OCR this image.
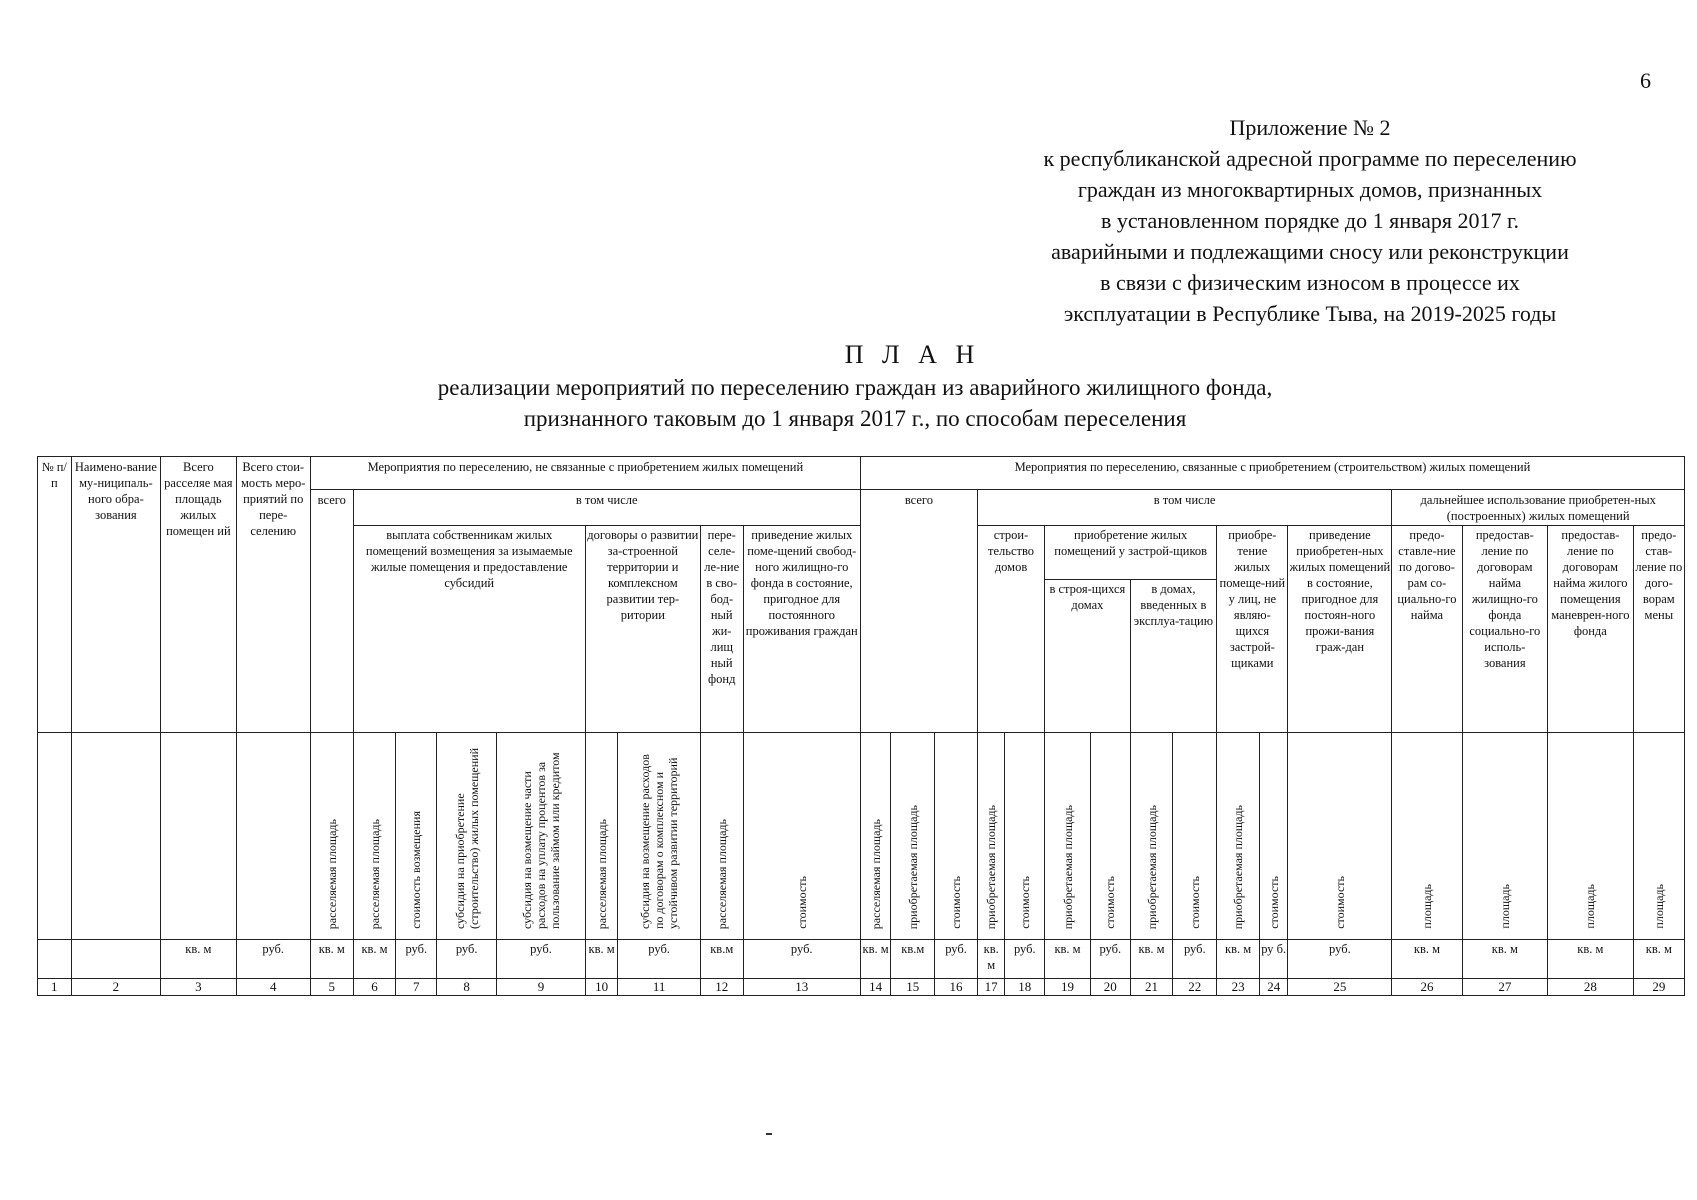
6
Приложение № 2
к республиканской адресной программе по переселению
граждан из многоквартирных домов, признанных
в установленном порядке до 1 января 2017 г.
аварийными и подлежащими сносу или реконструкции
в связи с физическим износом в процессе их
эксплуатации в Республике Тыва, на 2019-2025 годы
П Л А Н
реализации мероприятий по переселению граждан из аварийного жилищного фонда,
признанного таковым до 1 января 2017 г., по способам переселения
№ п/п	Наимено-вание му-ниципаль-ного обра-зования	Всего расселяе мая площадь жилых помещен ий	Всего стои-мость меро-приятий по пере-селению	Мероприятия по переселению, не связанные с приобретением жилых помещений									Мероприятия по переселению, связанные с приобретением (строительством) жилых помещений															
				всего	в том числе								всего			в том числе									дальнейшее использование приобретен-ных (построенных) жилых помещений			
					выплата собственникам жилых помещений возмещения за изымаемые жилые помещения и предоставление субсидий				договоры о развитии за-строенной территории и комплексном развитии тер-ритории		пере-селе-ле-ние в сво-бод-ный жи-лищ ный фонд	приведение жилых поме-щений свобод-ного жилищно-го фонда в состояние, пригодное для постоянного проживания граждан				строи-тельство домов		приобретение жилых помещений у застрой-щиков				приобре-тение жилых помеще-ний у лиц, не являю-щихся застрой-щиками		приведение приобретен-ных жилых помещений в состояние, пригодное для постоян-ного прожи-вания граж-дан	предо-ставле-ние по догово-рам со-циально-го найма	предостав-ление по договорам найма жилищно-го фонда социально-го исполь-зования	предостав-ление по договорам найма жилого помещения маневрен-ного фонда	предо-став-ление по дого-ворам мены
																		в строя-щихся домах		в домах, введенных в эксплуа-тацию								
				расселяемая площадь	расселяемая площадь	стоимость возмещения	субсидия на приобретение (строительство) жилых помещений	субсидия на возмещение части расходов на уплату процентов за пользование займом или кредитом	расселяемая площадь	субсидия на возмещение расходов по договорам о комплексном и устойчивом развитии территорий	расселяемая площадь	стоимость	расселяемая площадь	приобретаемая площадь	стоимость	приобретаемая площадь	стоимость	приобретаемая площадь	стоимость	приобретаемая площадь	стоимость	приобретаемая площадь	стоимость	стоимость	площадь	площадь	площадь	площадь
		кв. м	руб.	кв. м	кв. м	руб.	руб.	руб.	кв. м	руб.	кв.м	руб.	кв. м	кв.м	руб.	кв. м	руб.	кв. м	руб.	кв. м	руб.	кв. м	ру б.	руб.	кв. м	кв. м	кв. м	кв. м
1	2	3	4	5	6	7	8	9	10	11	12	13	14	15	16	17	18	19	20	21	22	23	24	25	26	27	28	29
